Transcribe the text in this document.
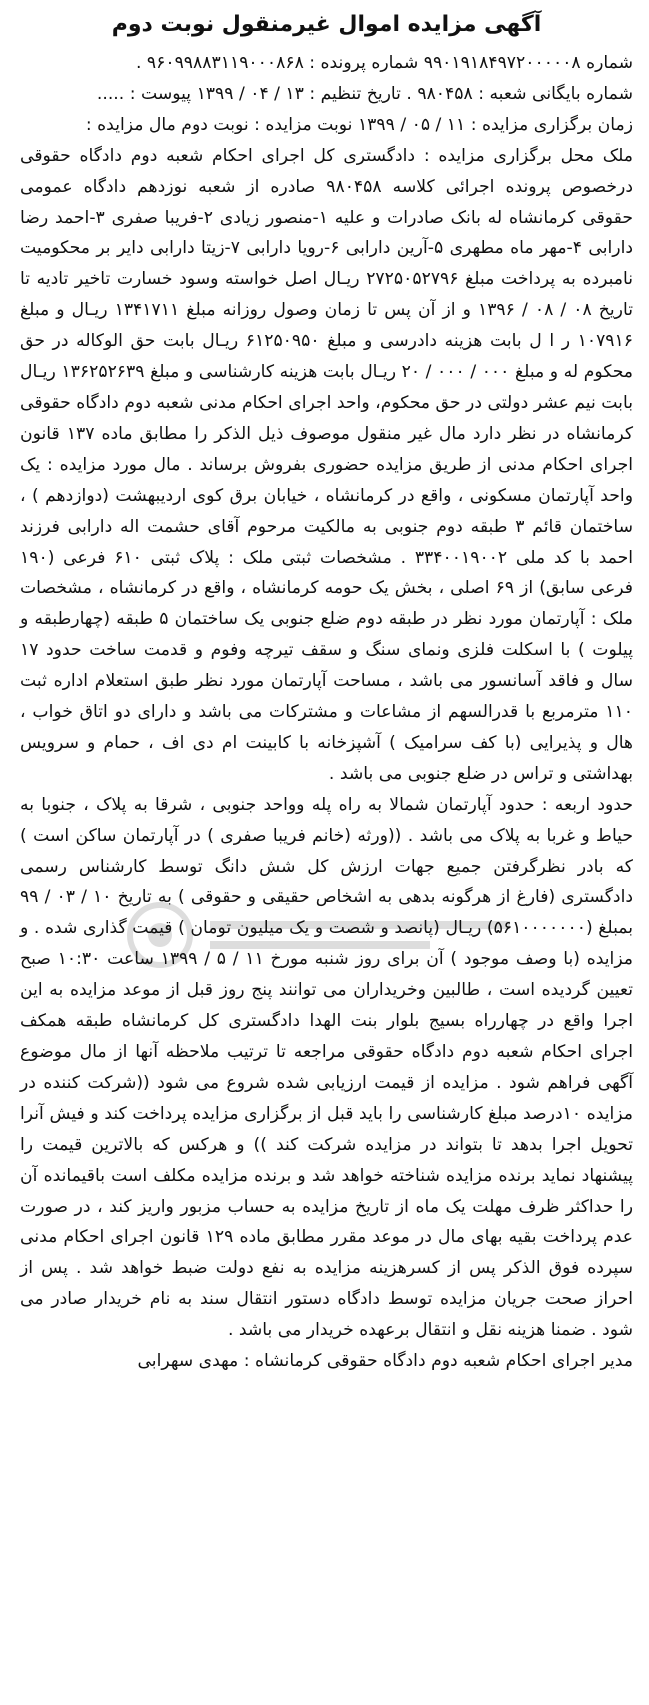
آگهی مزایده اموال غیرمنقول نوبت دوم

شماره ۹۹۰۱۹۱۸۴۹۷۲۰۰۰۰۰۸ شماره پرونده : ۹۶۰۹۹۸۸۳۱۱۹۰۰۰۸۶۸ .

شماره بایگانی شعبه : ۹۸۰۴۵۸ . تاریخ تنظیم : ۱۳ / ۰۴ / ۱۳۹۹ پیوست : .....

زمان برگزاری مزایده : ۱۱ / ۰۵ / ۱۳۹۹ نوبت مزایده : نوبت دوم مال مزایده :

ملک محل برگزاری مزایده : دادگستری کل اجرای احکام شعبه دوم دادگاه حقوقی درخصوص پرونده اجرائی کلاسه ۹۸۰۴۵۸ صادره از شعبه نوزدهم دادگاه عمومی حقوقی کرمانشاه له بانک صادرات و علیه ۱-منصور زیادی ۲-فریبا صفری ۳-احمد رضا دارابی ۴-مهر ماه مطهری ۵-آرین دارابی ۶-رویا دارابی ۷-زیتا دارابی دایر بر محکومیت نامبرده به پرداخت مبلغ ۲۷۲۵۰۵۲۷۹۶ ریـال اصل خواسته وسود خسارت تاخیر تادیه تا تاریخ ۰۸ / ۰۸ / ۱۳۹۶ و از آن پس تا زمان وصول روزانه مبلغ ۱۳۴۱۷۱۱ ریـال و مبلغ ۱۰۷۹۱۶ ر ا ل بابت هزینه دادرسی و مبلغ ۶۱۲۵۰۹۵۰ ریـال بابت حق الوکاله در حق محکوم له و مبلغ ۰۰۰ / ۰۰۰ / ۲۰ ریـال بابت هزینه کارشناسی و مبلغ ۱۳۶۲۵۲۶۳۹ ریـال بابت نیم عشر دولتی در حق محکوم، واحد اجرای احکام مدنی شعبه دوم دادگاه حقوقی کرمانشاه در نظر دارد مال غیر منقول موصوف ذیل الذکر را مطابق ماده ۱۳۷ قانون اجرای احکام مدنی از طریق مزایده حضوری بفروش برساند . مال مورد مزایده : یک واحد آپارتمان مسکونی ، واقع در کرمانشاه ، خیابان برق کوی اردیبهشت (دوازدهم ) ، ساختمان قائم ۳ طبقه دوم جنوبی به مالکیت مرحوم آقای حشمت اله دارابی فرزند احمد با کد ملی ۳۳۴۰۰۱۹۰۰۲ . مشخصات ثبتی ملک : پلاک ثبتی ۶۱۰ فرعی (۱۹۰ فرعی سابق) از ۶۹ اصلی ، بخش یک حومه کرمانشاه ، واقع در کرمانشاه ، مشخصات ملک : آپارتمان مورد نظر در طبقه دوم ضلع جنوبی یک ساختمان ۵ طبقه (چهارطبقه و پیلوت ) با اسکلت فلزی ونمای سنگ و سقف تیرچه وفوم و قدمت ساخت حدود ۱۷ سال و فاقد آسانسور می باشد ، مساحت آپارتمان مورد نظر طبق استعلام اداره ثبت ۱۱۰ مترمربع با قدرالسهم از مشاعات و مشترکات می باشد و دارای دو اتاق خواب ، هال و پذیرایی (با کف سرامیک ) آشپزخانه با کابینت ام دی اف ، حمام و سرویس بهداشتی و تراس در ضلع جنوبی می باشد .

حدود اربعه : حدود آپارتمان شمالا به راه پله وواحد جنوبی ، شرقا به پلاک ، جنوبا به حیاط و غربا به پلاک می باشد . ((ورثه (خانم فریبا صفری ) در آپارتمان ساکن است ) که بادر نظرگرفتن جمیع جهات ارزش کل شش دانگ توسط کارشناس رسمی دادگستری (فارغ از هرگونه بدهی به اشخاص حقیقی و حقوقی ) به تاریخ ۱۰ / ۰۳ / ۹۹ بمبلغ (۵۶۱۰۰۰۰۰۰۰) ریـال (پانصد و شصت و یک میلیون تومان ) قیمت گذاری شده . و مزایده (با وصف موجود ) آن برای روز شنبه مورخ ۱۱ / ۵ / ۱۳۹۹ ساعت ۱۰:۳۰ صبح تعیین گردیده است ، طالبین وخریداران می توانند پنج روز قبل از موعد مزایده به این اجرا واقع در چهارراه بسیج بلوار بنت الهدا دادگستری کل کرمانشاه طبقه همکف اجرای احکام شعبه دوم دادگاه حقوقی مراجعه تا ترتیب ملاحظه آنها از مال موضوع آگهی فراهم شود . مزایده از قیمت ارزیابی شده شروع می شود ((شرکت کننده در مزایده ۱۰درصد مبلغ کارشناسی را باید قبل از برگزاری مزایده پرداخت کند و فیش آنرا تحویل اجرا بدهد تا بتواند در مزایده شرکت کند )) و هرکس که بالاترین قیمت را پیشنهاد نماید برنده مزایده شناخته خواهد شد و برنده مزایده مکلف است باقیمانده آن را حداکثر ظرف مهلت یک ماه از تاریخ مزایده به حساب مزبور واریز کند ، در صورت عدم پرداخت بقیه بهای مال در موعد مقرر مطابق ماده ۱۲۹ قانون اجرای احکام مدنی سپرده فوق الذکر پس از کسرهزینه مزایده به نفع دولت ضبط خواهد شد . پس از احراز صحت جریان مزایده توسط دادگاه دستور انتقال سند به نام خریدار صادر می شود . ضمنا هزینه نقل و انتقال برعهده خریدار می باشد .

مدیر اجرای احکام شعبه دوم دادگاه حقوقی کرمانشاه : مهدی سهرابی
